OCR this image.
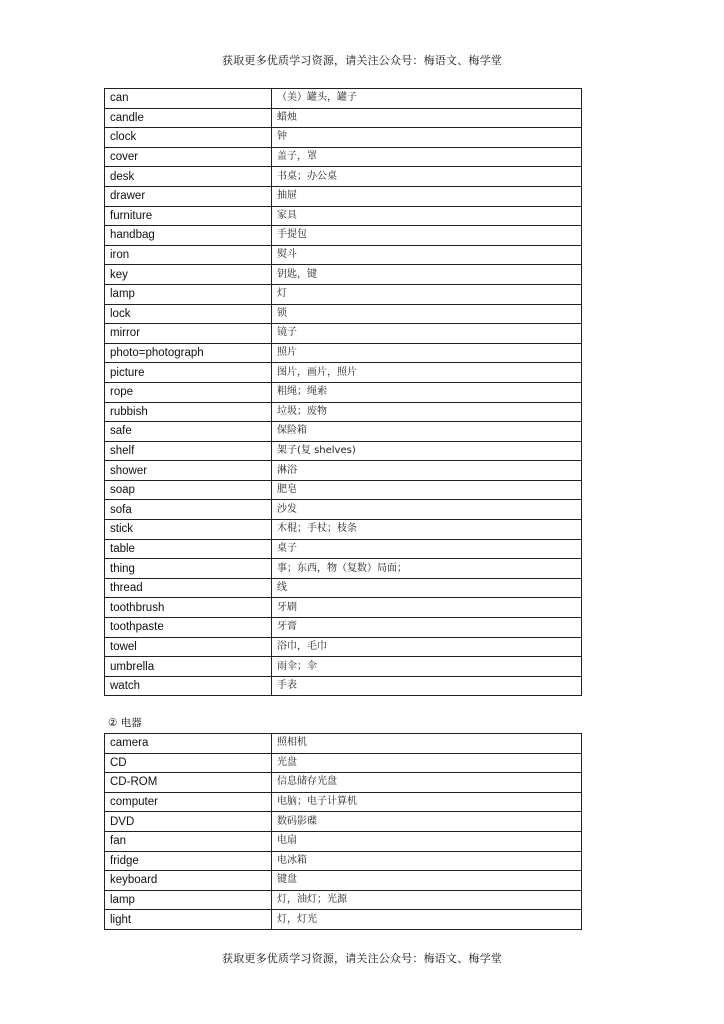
获取更多优质学习资源，请关注公众号：梅语文、梅学堂
can	（美）罐头，罐子
candle	蜡烛
clock	钟
cover	盖子，罩
desk	书桌；办公桌
drawer	抽屉
furniture	家具
handbag	手提包
iron	熨斗
key	钥匙，键
lamp	灯
lock	锁
mirror	镜子
photo=photograph	照片
picture	图片，画片，照片
rope	粗绳；绳索
rubbish	垃圾；废物
safe	保险箱
shelf	架子(复 shelves)
shower	淋浴
soap	肥皂
sofa	沙发
stick	木棍；手杖；枝条
table	桌子
thing	事；东西，物（复数）局面；
thread	线
toothbrush	牙刷
toothpaste	牙膏
towel	浴巾，毛巾
umbrella	雨伞；伞
watch	手表
② 电器
camera	照相机
CD	光盘
CD-ROM	信息储存光盘
computer	电脑；电子计算机
DVD	数码影碟
fan	电扇
fridge	电冰箱
keyboard	键盘
lamp	灯，油灯；光源
light	灯，灯光
获取更多优质学习资源，请关注公众号：梅语文、梅学堂
